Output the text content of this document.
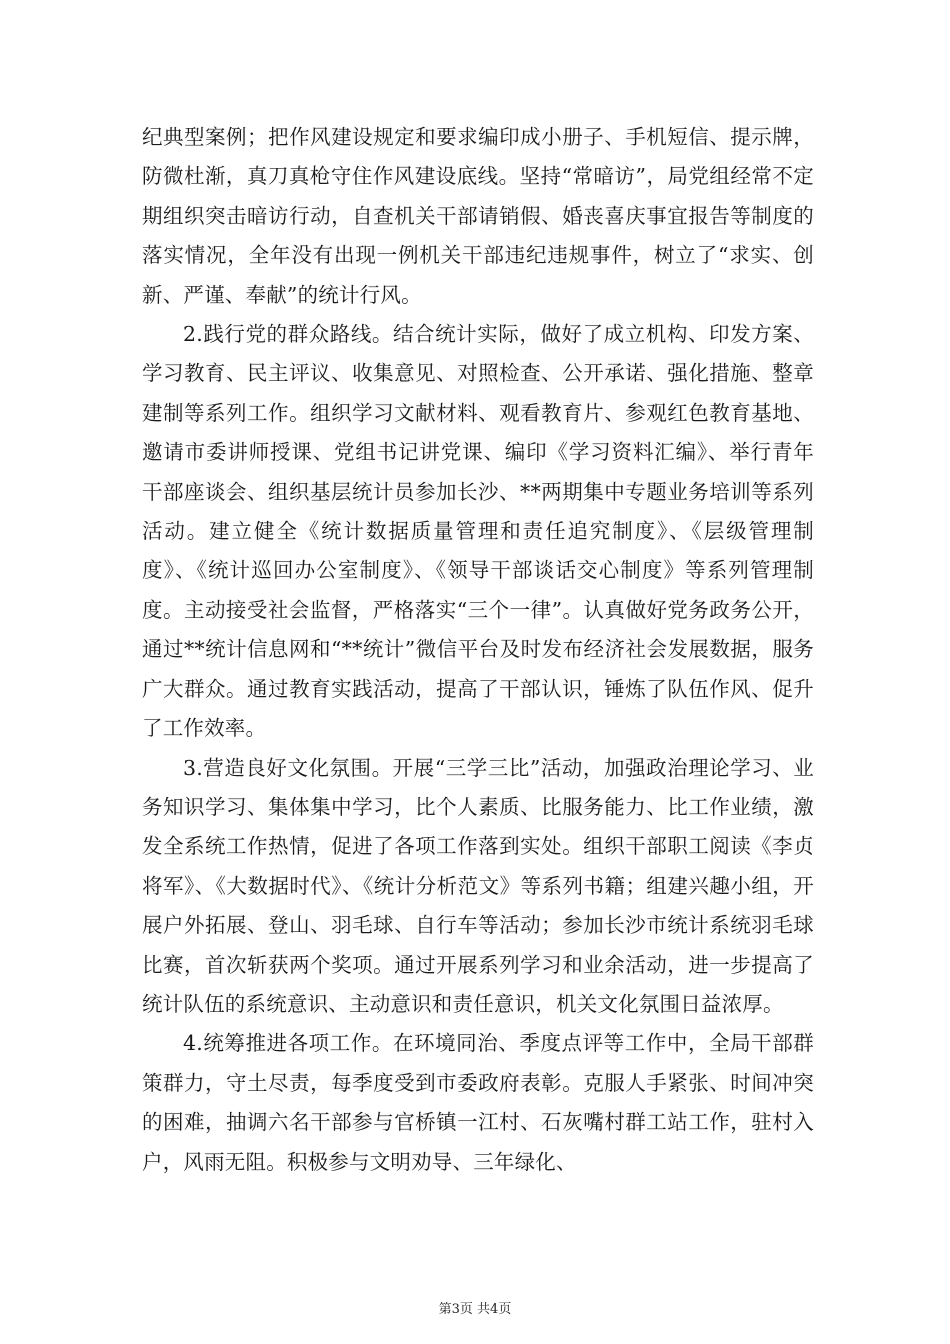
纪典型案例；把作风建设规定和要求编印成小册子、手机短信、提示牌，防微杜渐，真刀真枪守住作风建设底线。坚持“常暗访”，局党组经常不定期组织突击暗访行动，自查机关干部请销假、婚丧喜庆事宜报告等制度的落实情况，全年没有出现一例机关干部违纪违规事件，树立了“求实、创新、严谨、奉献”的统计行风。

2.践行党的群众路线。结合统计实际，做好了成立机构、印发方案、学习教育、民主评议、收集意见、对照检查、公开承诺、强化措施、整章建制等系列工作。组织学习文献材料、观看教育片、参观红色教育基地、邀请市委讲师授课、党组书记讲党课、编印《学习资料汇编》、举行青年干部座谈会、组织基层统计员参加长沙、**两期集中专题业务培训等系列活动。建立健全《统计数据质量管理和责任追究制度》、《层级管理制度》、《统计巡回办公室制度》、《领导干部谈话交心制度》等系列管理制度。主动接受社会监督，严格落实“三个一律”。认真做好党务政务公开，通过**统计信息网和“**统计”微信平台及时发布经济社会发展数据，服务广大群众。通过教育实践活动，提高了干部认识，锤炼了队伍作风、促升了工作效率。

3.营造良好文化氛围。开展“三学三比”活动，加强政治理论学习、业务知识学习、集体集中学习，比个人素质、比服务能力、比工作业绩，激发全系统工作热情，促进了各项工作落到实处。组织干部职工阅读《李贞将军》、《大数据时代》、《统计分析范文》等系列书籍；组建兴趣小组，开展户外拓展、登山、羽毛球、自行车等活动；参加长沙市统计系统羽毛球比赛，首次斩获两个奖项。通过开展系列学习和业余活动，进一步提高了统计队伍的系统意识、主动意识和责任意识，机关文化氛围日益浓厚。

4.统筹推进各项工作。在环境同治、季度点评等工作中，全局干部群策群力，守土尽责，每季度受到市委政府表彰。克服人手紧张、时间冲突的困难，抽调六名干部参与官桥镇一江村、石灰嘴村群工站工作，驻村入户，风雨无阻。积极参与文明劝导、三年绿化、

第3页 共4页
